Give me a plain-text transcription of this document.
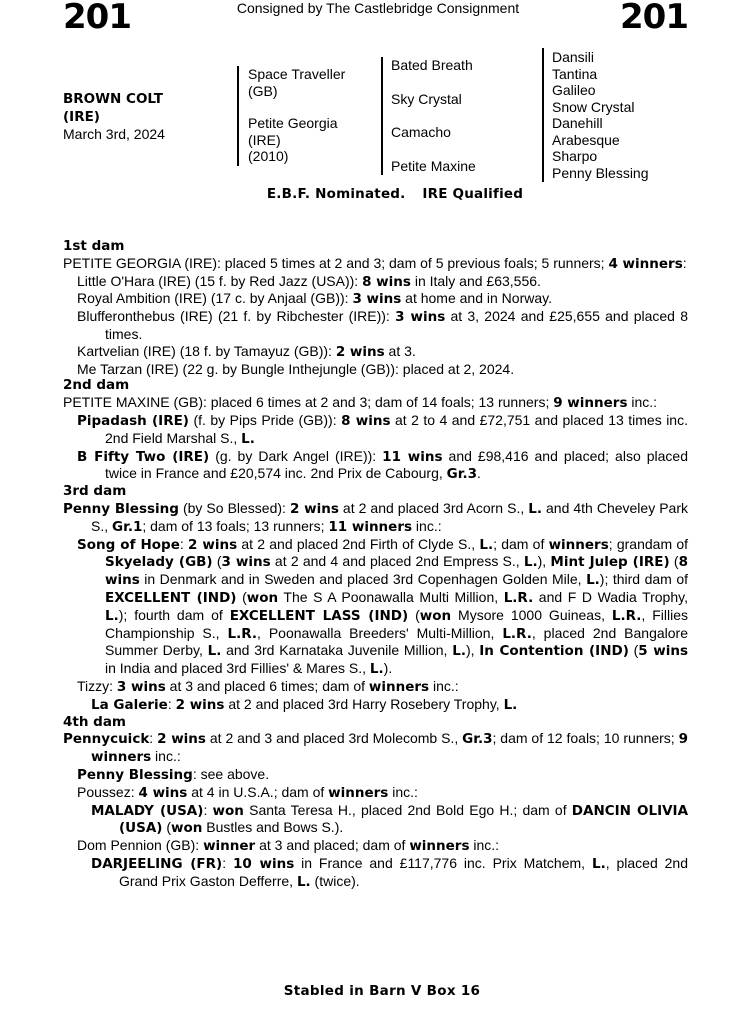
201	201
Consigned by The Castlebridge Consignment
BROWN COLT
(IRE)
March 3rd, 2024
Space Traveller
(GB)
Petite Georgia
(IRE)
(2010)
Bated Breath
Sky Crystal
Camacho
Petite Maxine
Dansili
Tantina
Galileo
Snow Crystal
Danehill
Arabesque
Sharpo
Penny Blessing
E.B.F. Nominated. IRE Qualified
1st dam
PETITE GEORGIA (IRE): placed 5 times at 2 and 3; dam of 5 previous foals; 5 runners; 4 winners:
Little O'Hara (IRE) (15 f. by Red Jazz (USA)): 8 wins in Italy and £63,556.
Royal Ambition (IRE) (17 c. by Anjaal (GB)): 3 wins at home and in Norway.
Blufferonthebus (IRE) (21 f. by Ribchester (IRE)): 3 wins at 3, 2024 and £25,655 and placed 8 times.
Kartvelian (IRE) (18 f. by Tamayuz (GB)): 2 wins at 3.
Me Tarzan (IRE) (22 g. by Bungle Inthejungle (GB)): placed at 2, 2024.
2nd dam
PETITE MAXINE (GB): placed 6 times at 2 and 3; dam of 14 foals; 13 runners; 9 winners inc.:
Pipadash (IRE) (f. by Pips Pride (GB)): 8 wins at 2 to 4 and £72,751 and placed 13 times inc. 2nd Field Marshal S., L.
B Fifty Two (IRE) (g. by Dark Angel (IRE)): 11 wins and £98,416 and placed; also placed twice in France and £20,574 inc. 2nd Prix de Cabourg, Gr.3.
3rd dam
Penny Blessing (by So Blessed): 2 wins at 2 and placed 3rd Acorn S., L. and 4th Cheveley Park S., Gr.1; dam of 13 foals; 13 runners; 11 winners inc.:
Song of Hope: 2 wins at 2 and placed 2nd Firth of Clyde S., L.; dam of winners; grandam of Skyelady (GB) (3 wins at 2 and 4 and placed 2nd Empress S., L.), Mint Julep (IRE) (8 wins in Denmark and in Sweden and placed 3rd Copenhagen Golden Mile, L.); third dam of EXCELLENT (IND) (won The S A Poonawalla Multi Million, L.R. and F D Wadia Trophy, L.); fourth dam of EXCELLENT LASS (IND) (won Mysore 1000 Guineas, L.R., Fillies Championship S., L.R., Poonawalla Breeders' Multi-Million, L.R., placed 2nd Bangalore Summer Derby, L. and 3rd Karnataka Juvenile Million, L.), In Contention (IND) (5 wins in India and placed 3rd Fillies' & Mares S., L.).
Tizzy: 3 wins at 3 and placed 6 times; dam of winners inc.:
La Galerie: 2 wins at 2 and placed 3rd Harry Rosebery Trophy, L.
4th dam
Pennycuick: 2 wins at 2 and 3 and placed 3rd Molecomb S., Gr.3; dam of 12 foals; 10 runners; 9 winners inc.:
Penny Blessing: see above.
Poussez: 4 wins at 4 in U.S.A.; dam of winners inc.:
MALADY (USA): won Santa Teresa H., placed 2nd Bold Ego H.; dam of DANCIN OLIVIA (USA) (won Bustles and Bows S.).
Dom Pennion (GB): winner at 3 and placed; dam of winners inc.:
DARJEELING (FR): 10 wins in France and £117,776 inc. Prix Matchem, L., placed 2nd Grand Prix Gaston Defferre, L. (twice).
Stabled in Barn V Box 16
